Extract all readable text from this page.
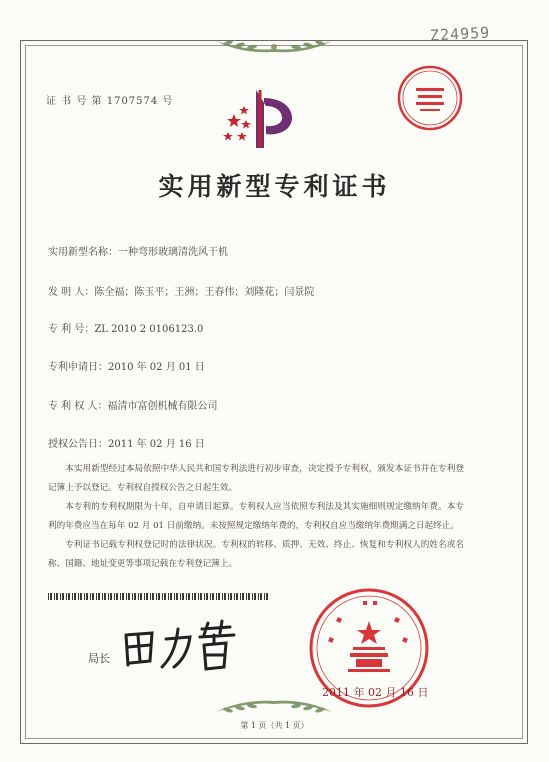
Z24959
证 书 号 第 1707574 号
实用新型专利证书
实用新型名称：一种弯形玻璃清洗风干机
发 明 人：陈全福；陈玉平；王洲；王春伟；刘隆花；闫景院
专 利 号：ZL 2010 2 0106123.0
专利申请日：2010 年 02 月 01 日
专 利 权 人：福清市富创机械有限公司
授权公告日：2011 年 02 月 16 日

本实用新型经过本局依照中华人民共和国专利法进行初步审查，决定授予专利权，颁发本证书并在专利登记簿上予以登记。专利权自授权公告之日起生效。

本专利的专利权期限为十年，自申请日起算。专利权人应当依照专利法及其实施细则规定缴纳年费。本专利的年费应当在每年 02 月 01 日前缴纳。未按照规定缴纳年费的，专利权自应当缴纳年费期满之日起终止。

专利证书记载专利权登记时的法律状况。专利权的转移、质押、无效、终止、恢复和专利权人的姓名或名称、国籍、地址变更等事项记载在专利登记簿上。

局长
2011 年 02 月 16 日
第 1 页（共 1 页）
